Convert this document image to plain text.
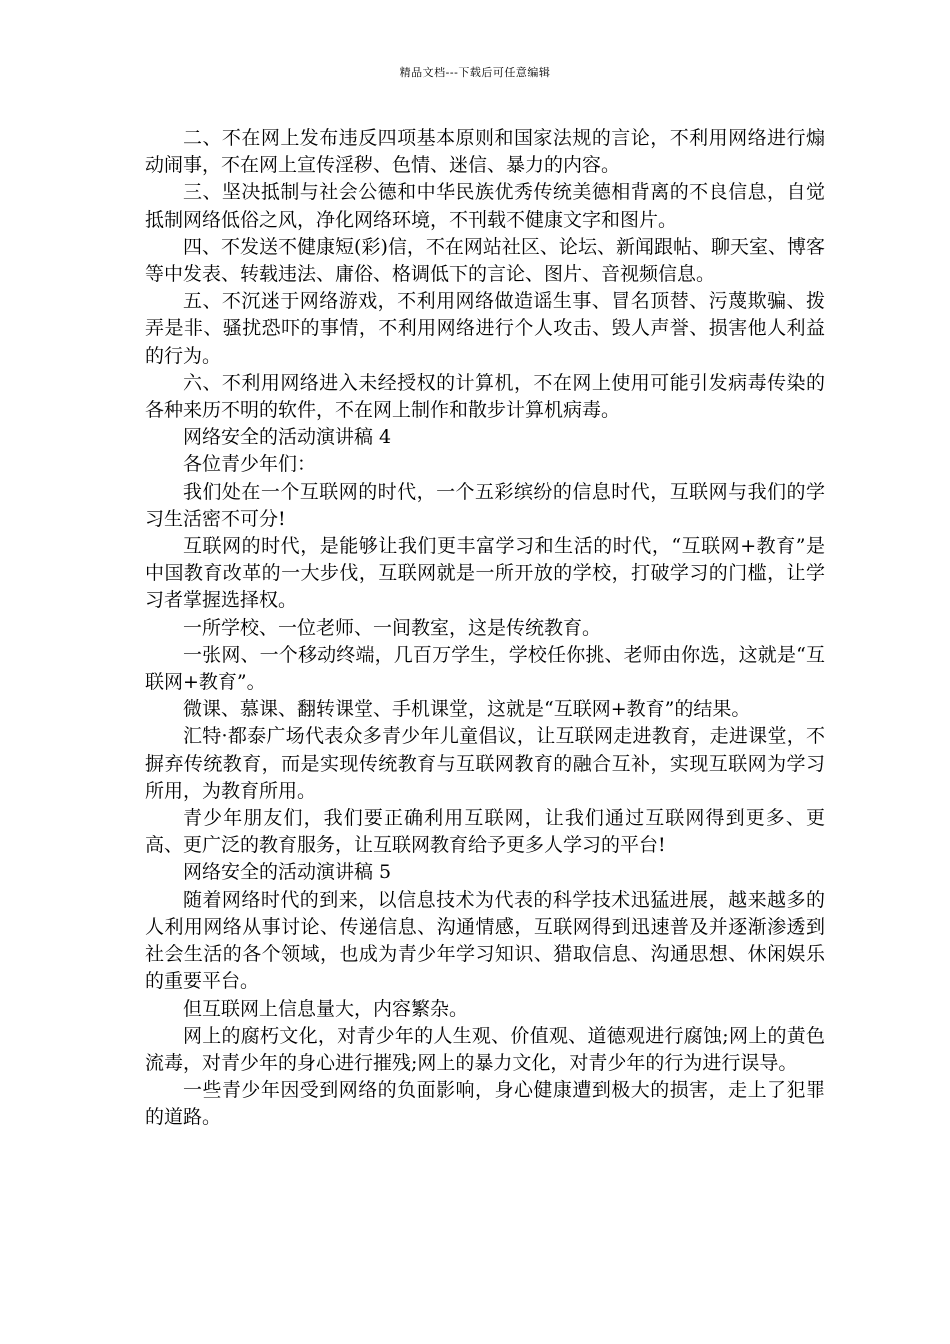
精品文档---下载后可任意编辑

二、不在网上发布违反四项基本原则和国家法规的言论，不利用网络进行煽动闹事，不在网上宣传淫秽、色情、迷信、暴力的内容。

三、坚决抵制与社会公德和中华民族优秀传统美德相背离的不良信息，自觉抵制网络低俗之风，净化网络环境，不刊载不健康文字和图片。

四、不发送不健康短(彩)信，不在网站社区、论坛、新闻跟帖、聊天室、博客等中发表、转载违法、庸俗、格调低下的言论、图片、音视频信息。

五、不沉迷于网络游戏，不利用网络做造谣生事、冒名顶替、污蔑欺骗、拨弄是非、骚扰恐吓的事情，不利用网络进行个人攻击、毁人声誉、损害他人利益的行为。

六、不利用网络进入未经授权的计算机，不在网上使用可能引发病毒传染的各种来历不明的软件，不在网上制作和散步计算机病毒。

网络安全的活动演讲稿 4

各位青少年们：

我们处在一个互联网的时代，一个五彩缤纷的信息时代，互联网与我们的学习生活密不可分!

互联网的时代，是能够让我们更丰富学习和生活的时代，“互联网+教育”是中国教育改革的一大步伐，互联网就是一所开放的学校，打破学习的门槛，让学习者掌握选择权。

一所学校、一位老师、一间教室，这是传统教育。

一张网、一个移动终端，几百万学生，学校任你挑、老师由你选，这就是“互联网+教育”。

微课、慕课、翻转课堂、手机课堂，这就是“互联网+教育”的结果。

汇特·都泰广场代表众多青少年儿童倡议，让互联网走进教育，走进课堂，不摒弃传统教育，而是实现传统教育与互联网教育的融合互补，实现互联网为学习所用，为教育所用。

青少年朋友们，我们要正确利用互联网，让我们通过互联网得到更多、更高、更广泛的教育服务，让互联网教育给予更多人学习的平台!

网络安全的活动演讲稿 5

随着网络时代的到来，以信息技术为代表的科学技术迅猛进展，越来越多的人利用网络从事讨论、传递信息、沟通情感，互联网得到迅速普及并逐渐渗透到社会生活的各个领域，也成为青少年学习知识、猎取信息、沟通思想、休闲娱乐的重要平台。

但互联网上信息量大，内容繁杂。

网上的腐朽文化，对青少年的人生观、价值观、道德观进行腐蚀;网上的黄色流毒，对青少年的身心进行摧残;网上的暴力文化，对青少年的行为进行误导。

一些青少年因受到网络的负面影响，身心健康遭到极大的损害，走上了犯罪的道路。
